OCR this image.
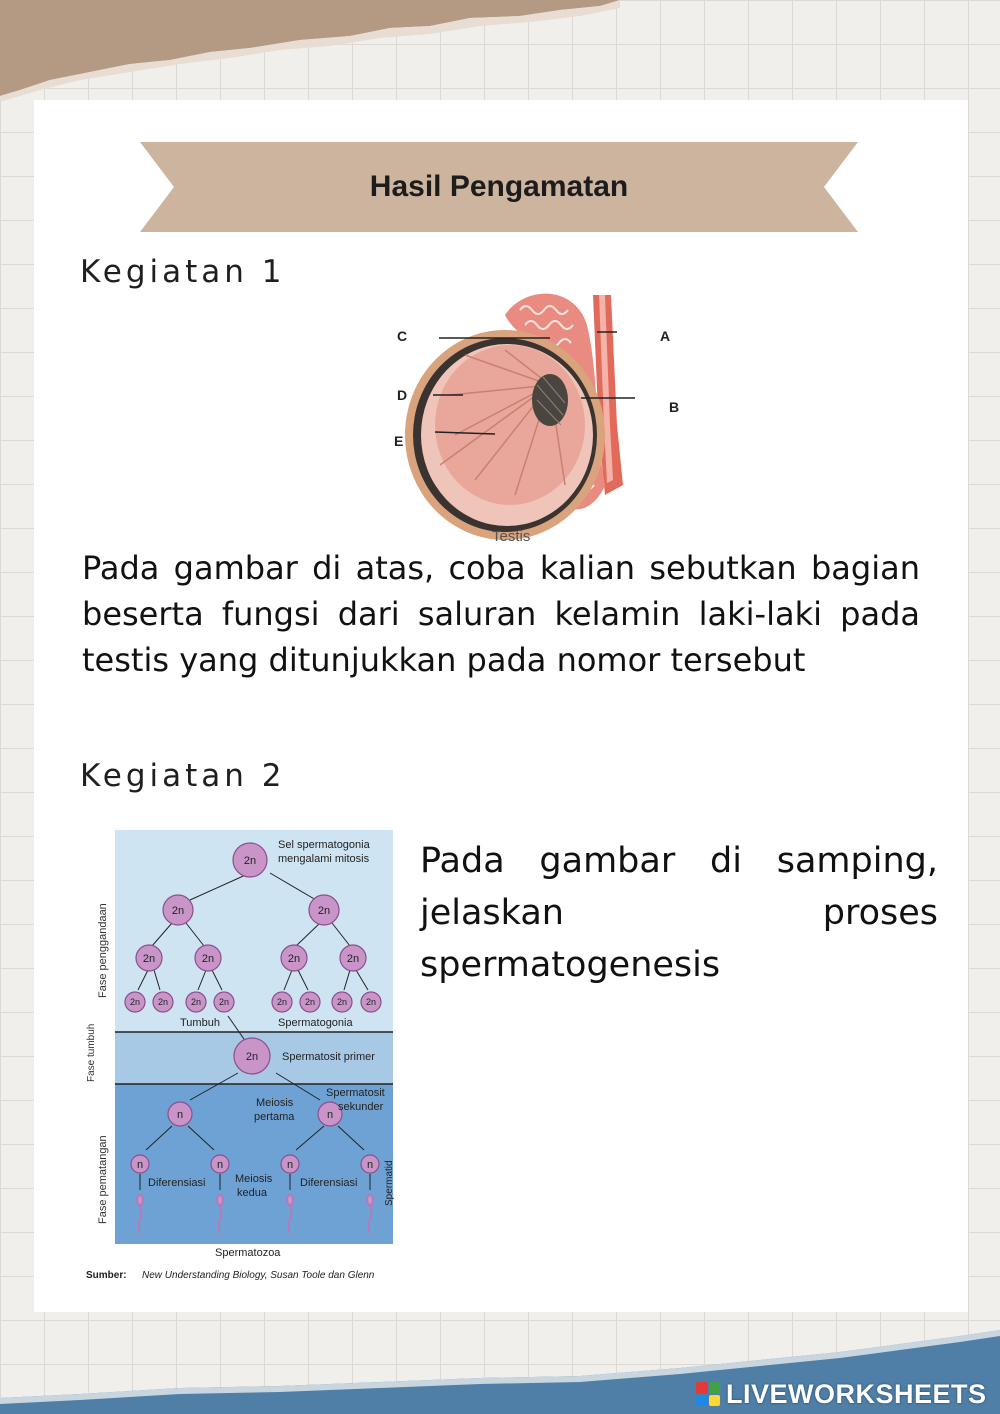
Hasil Pengamatan
Kegiatan 1
C
D
E
A
B
Testis
Pada gambar di atas, coba kalian sebutkan bagian beserta fungsi dari saluran kelamin laki-laki pada testis yang ditunjukkan pada nomor tersebut
Kegiatan 2
Fase penggandaan
Fase tumbuh
Fase pematangan
2n
2n	2n
2n	2n	2n	2n
2n 2n	2n 2n	2n 2n 2n 2n
2n
n	n
n	n	n	n
Sel spermatogonia
mengalami mitosis
Tumbuh	Spermatogonia
Spermatosit primer
Meiosis
pertama
Spermatosit
sekunder
Diferensiasi	Meiosis
kedua
Diferensiasi	Spermatid
Spermatozoa
Sumber: New Understanding Biology, Susan Toole dan Glenn
Pada gambar di samping, jelaskan proses spermatogenesis
LIVEWORKSHEETS
